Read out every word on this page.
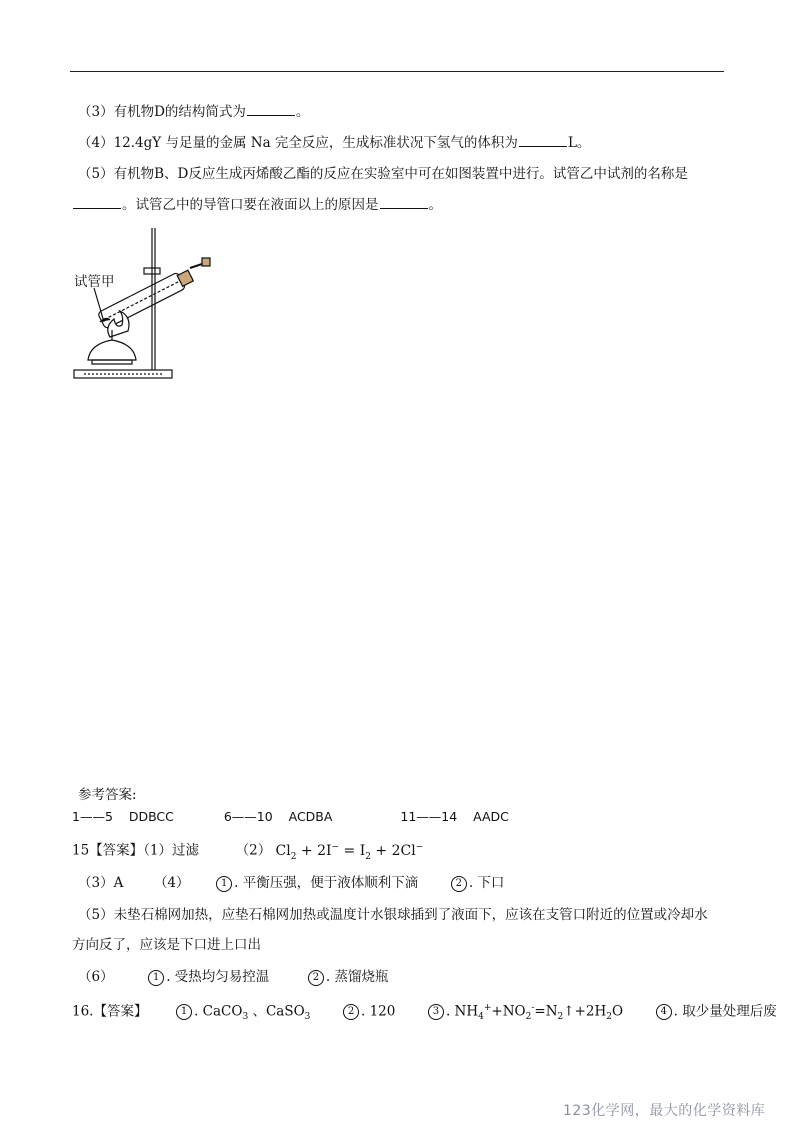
（3）有机物D的结构简式为	。
（4）12.4gY 与足量的金属 Na 完全反应，生成标准状况下氢气的体积为	L。
（5）有机物B、D反应生成丙烯酸乙酯的反应在实验室中可在如图装置中进行。试管乙中试剂的名称是
。试管乙中的导管口要在液面以上的原因是	。
试管甲
参考答案:
1——5 DDBCC	6——10 ACDBA	11——14 AADC
15【答案】（1）过滤	（2） $Cl_2 + 2I^- = I_2 + 2Cl^-$
（3）A （4）	1 . 平衡压强，便于液体顺利下滴	2 . 下口
（5）未垫石棉网加热，应垫石棉网加热或温度计水银球插到了液面下，应该在支管口附近的位置或冷却水
方向反了，应该是下口进上口出
（6）	1 . 受热均匀易控温	2 . 蒸馏烧瓶
16.【答案】	1 . CaCO$_3$ 、CaSO$_3$  2 . 120	3 . $NH_4^++NO_2^-=N_2↑+2H_2O$	4 . 取少量处理后废
123化学网，最大的化学资料库
